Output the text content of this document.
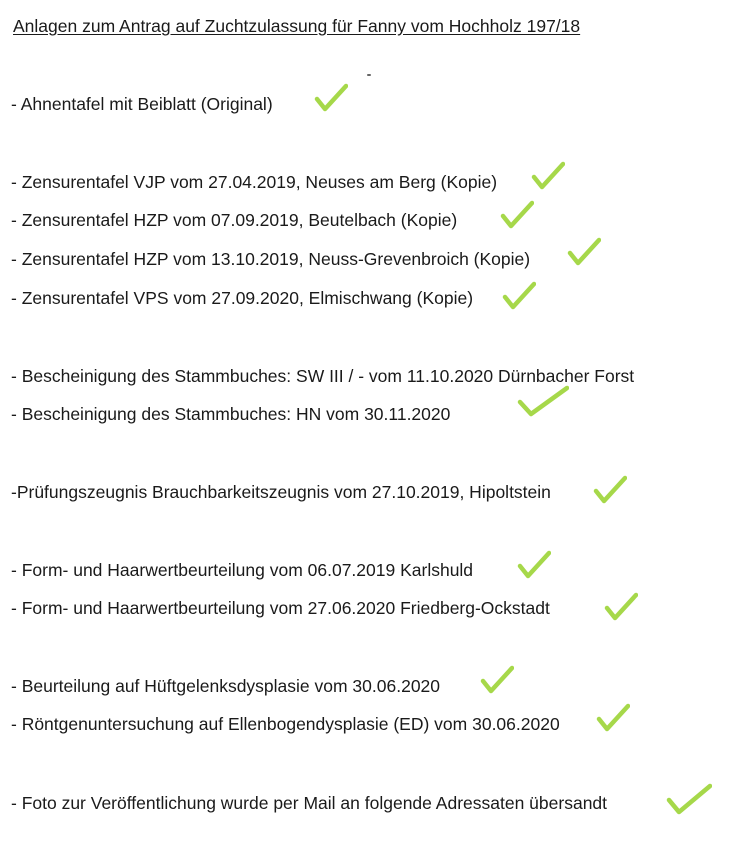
Anlagen zum Antrag auf Zuchtzulassung für Fanny vom Hochholz 197/18
- Ahnentafel mit Beiblatt (Original)
- Zensurentafel VJP vom 27.04.2019, Neuses am Berg (Kopie)
- Zensurentafel HZP vom 07.09.2019, Beutelbach (Kopie)
- Zensurentafel HZP vom 13.10.2019, Neuss-Grevenbroich (Kopie)
- Zensurentafel VPS vom 27.09.2020, Elmischwang (Kopie)
- Bescheinigung des Stammbuches: SW III / - vom 11.10.2020 Dürnbacher Forst
- Bescheinigung des Stammbuches: HN vom 30.11.2020
-Prüfungszeugnis Brauchbarkeitszeugnis vom 27.10.2019, Hipoltstein
- Form- und Haarwertbeurteilung vom 06.07.2019 Karlshuld
- Form- und Haarwertbeurteilung vom 27.06.2020 Friedberg-Ockstadt
- Beurteilung auf Hüftgelenksdysplasie vom 30.06.2020
- Röntgenuntersuchung auf Ellenbogendysplasie (ED) vom 30.06.2020
- Foto zur Veröffentlichung wurde per Mail an folgende Adressaten übersandt
